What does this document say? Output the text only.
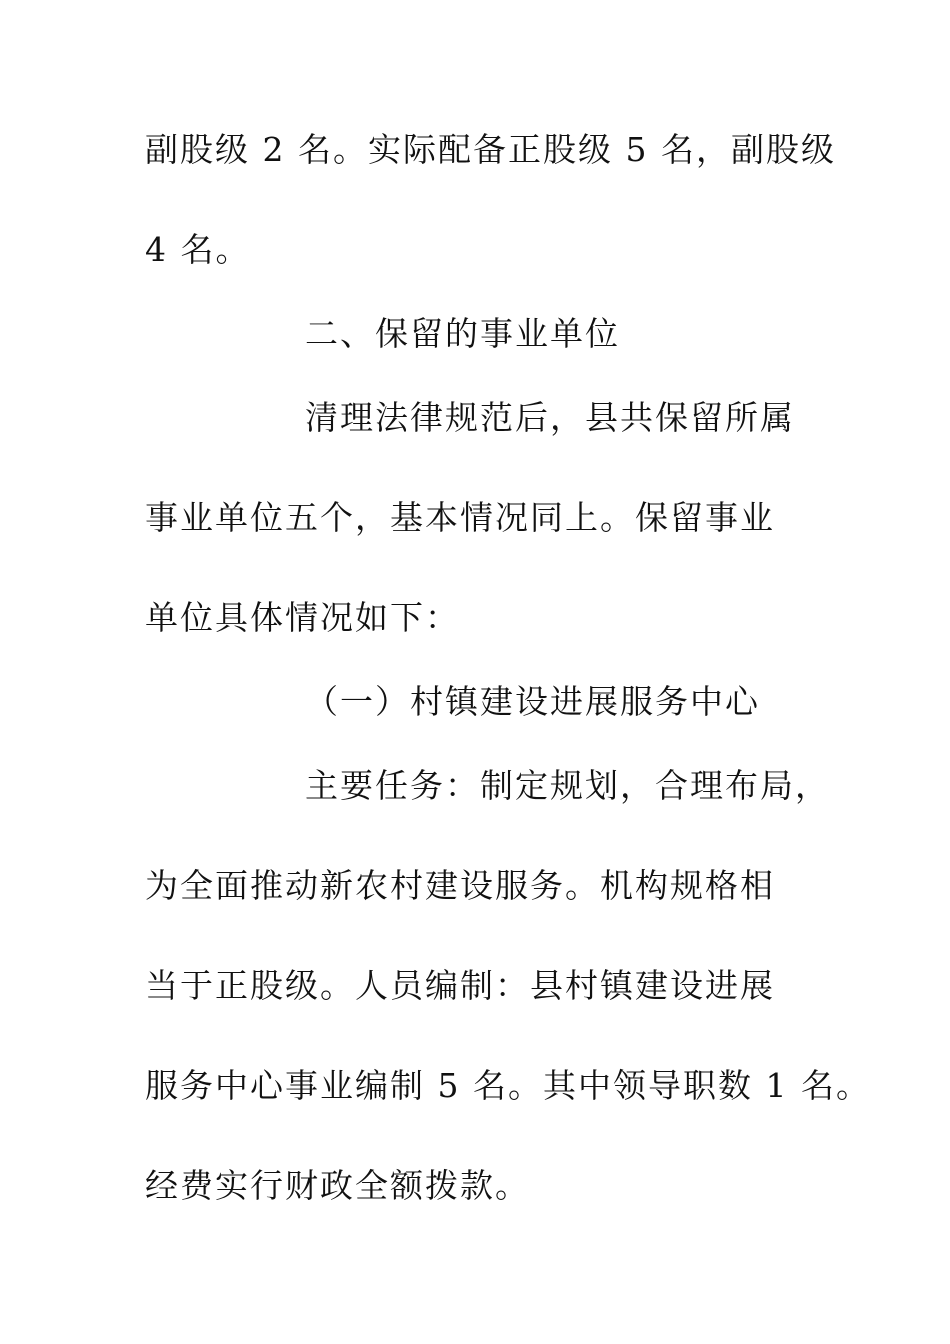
副股级 2 名。实际配备正股级 5 名，副股级
4 名。
二、保留的事业单位
清理法律规范后，县共保留所属
事业单位五个，基本情况同上。保留事业
单位具体情况如下：
（一）村镇建设进展服务中心
主要任务：制定规划，合理布局，
为全面推动新农村建设服务。机构规格相
当于正股级。人员编制：县村镇建设进展
服务中心事业编制 5 名。其中领导职数 1 名。
经费实行财政全额拨款。
